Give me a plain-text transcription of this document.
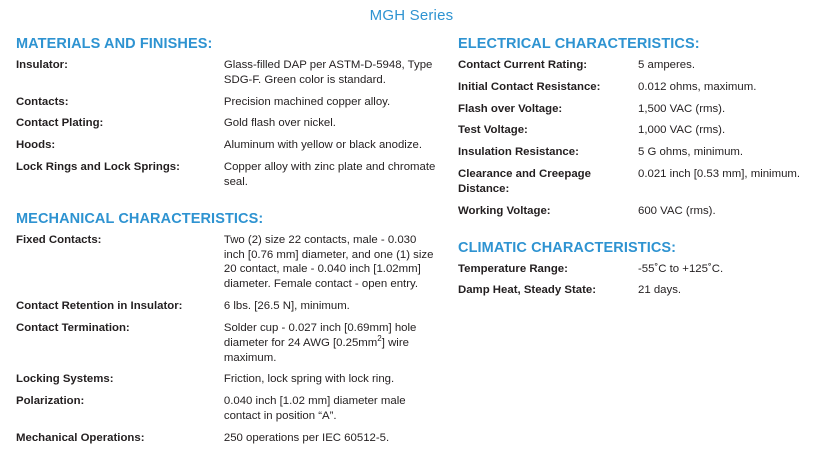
MGH Series
MATERIALS AND FINISHES:
Insulator:	Glass-filled DAP per ASTM-D-5948, Type SDG-F. Green color is standard.
Contacts:	Precision machined copper alloy.
Contact Plating:	Gold flash over nickel.
Hoods:	Aluminum with yellow or black anodize.
Lock Rings and Lock Springs:	Copper alloy with zinc plate and chromate seal.
MECHANICAL CHARACTERISTICS:
Fixed Contacts:	Two (2) size 22 contacts, male - 0.030 inch [0.76 mm] diameter, and one (1) size 20 contact, male - 0.040 inch [1.02mm] diameter. Female contact - open entry.
Contact Retention in Insulator:	6 lbs. [26.5 N], minimum.
Contact Termination:	Solder cup - 0.027 inch [0.69mm] hole diameter for 24 AWG $[0.25mm^2]$ wire maximum.
Locking Systems:	Friction, lock spring with lock ring.
Polarization:	0.040 inch [1.02 mm] diameter male contact in position “A”.
Mechanical Operations:	250 operations per IEC 60512-5.
ELECTRICAL CHARACTERISTICS:
Contact Current Rating:	5 amperes.
Initial Contact Resistance:	0.012 ohms, maximum.
Flash over Voltage:	1,500 VAC (rms).
Test Voltage:	1,000 VAC (rms).
Insulation Resistance:	5 G ohms, minimum.
Clearance and Creepage Distance:	0.021 inch [0.53 mm], minimum.
Working Voltage:	600 VAC (rms).
CLIMATIC CHARACTERISTICS:
Temperature Range:	-55˚C to +125˚C.
Damp Heat, Steady State:	21 days.
